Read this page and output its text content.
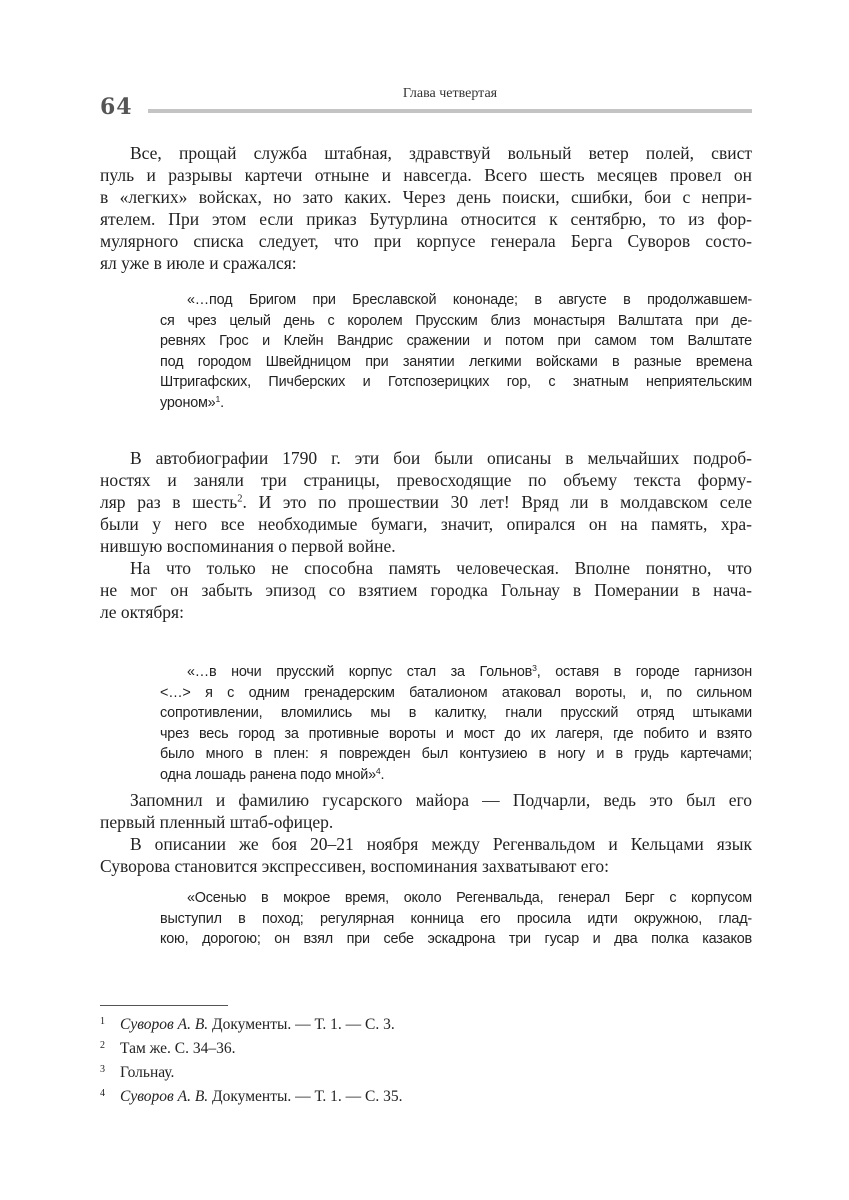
64
Глава четвертая
Все, прощай служба штабная, здравствуй вольный ветер полей, свист
пуль и разрывы картечи отныне и навсегда. Всего шесть месяцев провел он
в «легких» войсках, но зато каких. Через день поиски, сшибки, бои с непри-
ятелем. При этом если приказ Бутурлина относится к сентябрю, то из фор-
мулярного списка следует, что при корпусе генерала Берга Суворов состо-
ял уже в июле и сражался:
«…под Бригом при Бреславской кононаде; в августе в продолжавшем-
ся чрез целый день с королем Прусским близ монастыря Валштата при де-
ревнях Грос и Клейн Вандрис сражении и потом при самом том Валштате
под городом Швейдницом при занятии легкими войсками в разные времена
Штригафских, Пичберских и Готспозерицких гор, с знатным неприятельским
уроном»$^1$.
В автобиографии 1790 г. эти бои были описаны в мельчайших подроб-
ностях и заняли три страницы, превосходящие по объему текста форму-
ляр раз в шесть$^2$. И это по прошествии 30 лет! Вряд ли в молдавском селе
были у него все необходимые бумаги, значит, опирался он на память, хра-
нившую воспоминания о первой войне.
На что только не способна память человеческая. Вполне понятно, что
не мог он забыть эпизод со взятием городка Гольнау в Померании в нача-
ле октября:
«…в ночи прусский корпус стал за Гольнов$^3$, оставя в городе гарнизон
<…> я с одним гренадерским баталионом атаковал вороты, и, по сильном
сопротивлении, вломились мы в калитку, гнали прусский отряд штыками
чрез весь город за противные вороты и мост до их лагеря, где побито и взято
было много в плен: я поврежден был контузиею в ногу и в грудь картечами;
одна лошадь ранена подо мной»$^4$.
Запомнил и фамилию гусарского майора — Подчарли, ведь это был его
первый пленный штаб-офицер.
В описании же боя 20–21 ноября между Регенвальдом и Кельцами язык
Суворова становится экспрессивен, воспоминания захватывают его:
«Осенью в мокрое время, около Регенвальда, генерал Берг с корпусом
выступил в поход; регулярная конница его просила идти окружною, глад-
кою, дорогою; он взял при себе эскадрона три гусар и два полка казаков
1 Суворов А. В. Документы. — Т. 1. — С. 3.
2 Там же. С. 34–36.
3 Гольнау.
4 Суворов А. В. Документы. — Т. 1. — С. 35.
